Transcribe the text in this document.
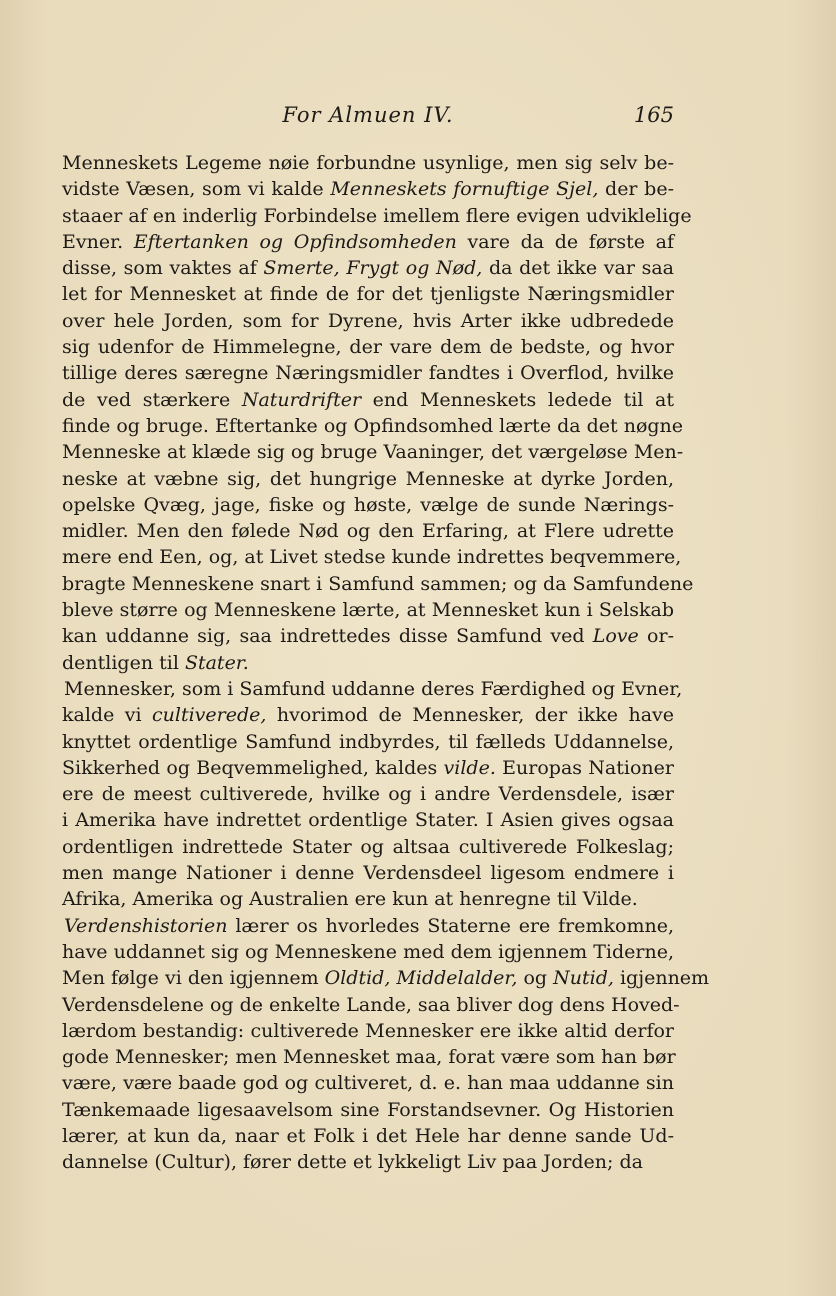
For Almuen IV.	165
Menneskets Legeme nøie forbundne usynlige, men sig selv be-
vidste Væsen, som vi kalde Menneskets fornuftige Sjel, der be-
staaer af en inderlig Forbindelse imellem flere evigen udviklelige
Evner. Eftertanken og Opfindsomheden vare da de første af
disse, som vaktes af Smerte, Frygt og Nød, da det ikke var saa
let for Mennesket at finde de for det tjenligste Næringsmidler
over hele Jorden, som for Dyrene, hvis Arter ikke udbredede
sig udenfor de Himmelegne, der vare dem de bedste, og hvor
tillige deres særegne Næringsmidler fandtes i Overflod, hvilke
de ved stærkere Naturdrifter end Menneskets ledede til at
finde og bruge. Eftertanke og Opfindsomhed lærte da det nøgne
Menneske at klæde sig og bruge Vaaninger, det værgeløse Men-
neske at væbne sig, det hungrige Menneske at dyrke Jorden,
opelske Qvæg, jage, fiske og høste, vælge de sunde Nærings-
midler. Men den følede Nød og den Erfaring, at Flere udrette
mere end Een, og, at Livet stedse kunde indrettes beqvemmere,
bragte Menneskene snart i Samfund sammen; og da Samfundene
bleve større og Menneskene lærte, at Mennesket kun i Selskab
kan uddanne sig, saa indrettedes disse Samfund ved Love or-
dentligen til Stater.
Mennesker, som i Samfund uddanne deres Færdighed og Evner,
kalde vi cultiverede, hvorimod de Mennesker, der ikke have
knyttet ordentlige Samfund indbyrdes, til fælleds Uddannelse,
Sikkerhed og Beqvemmelighed, kaldes vilde. Europas Nationer
ere de meest cultiverede, hvilke og i andre Verdensdele, især
i Amerika have indrettet ordentlige Stater. I Asien gives ogsaa
ordentligen indrettede Stater og altsaa cultiverede Folkeslag;
men mange Nationer i denne Verdensdeel ligesom endmere i
Afrika, Amerika og Australien ere kun at henregne til Vilde.
Verdenshistorien lærer os hvorledes Staterne ere fremkomne,
have uddannet sig og Menneskene med dem igjennem Tiderne,
Men følge vi den igjennem Oldtid, Middelalder, og Nutid, igjennem
Verdensdelene og de enkelte Lande, saa bliver dog dens Hoved-
lærdom bestandig: cultiverede Mennesker ere ikke altid derfor
gode Mennesker; men Mennesket maa, forat være som han bør
være, være baade god og cultiveret, d. e. han maa uddanne sin
Tænkemaade ligesaavelsom sine Forstandsevner. Og Historien
lærer, at kun da, naar et Folk i det Hele har denne sande Ud-
dannelse (Cultur), fører dette et lykkeligt Liv paa Jorden; da
